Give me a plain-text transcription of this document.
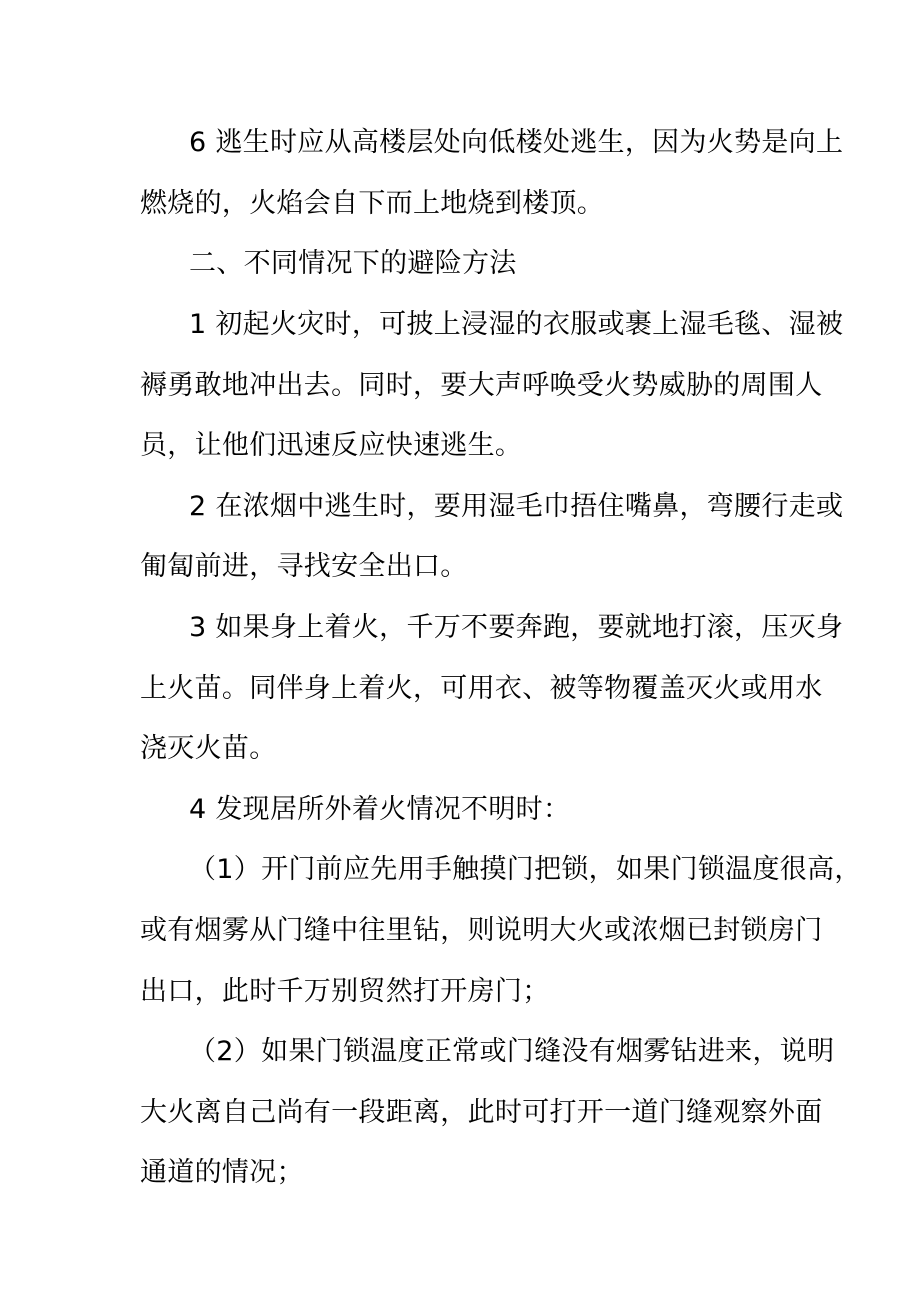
6 逃生时应从高楼层处向低楼处逃生，因为火势是向上
燃烧的，火焰会自下而上地烧到楼顶。
二、不同情况下的避险方法
1 初起火灾时，可披上浸湿的衣服或裹上湿毛毯、湿被
褥勇敢地冲出去。同时，要大声呼唤受火势威胁的周围人
员，让他们迅速反应快速逃生。
2 在浓烟中逃生时，要用湿毛巾捂住嘴鼻，弯腰行走或
匍匐前进，寻找安全出口。
3 如果身上着火，千万不要奔跑，要就地打滚，压灭身
上火苗。同伴身上着火，可用衣、被等物覆盖灭火或用水
浇灭火苗。
4 发现居所外着火情况不明时：
（1）开门前应先用手触摸门把锁，如果门锁温度很高，
或有烟雾从门缝中往里钻，则说明大火或浓烟已封锁房门
出口，此时千万别贸然打开房门；
（2）如果门锁温度正常或门缝没有烟雾钻进来，说明
大火离自己尚有一段距离，此时可打开一道门缝观察外面
通道的情况；
